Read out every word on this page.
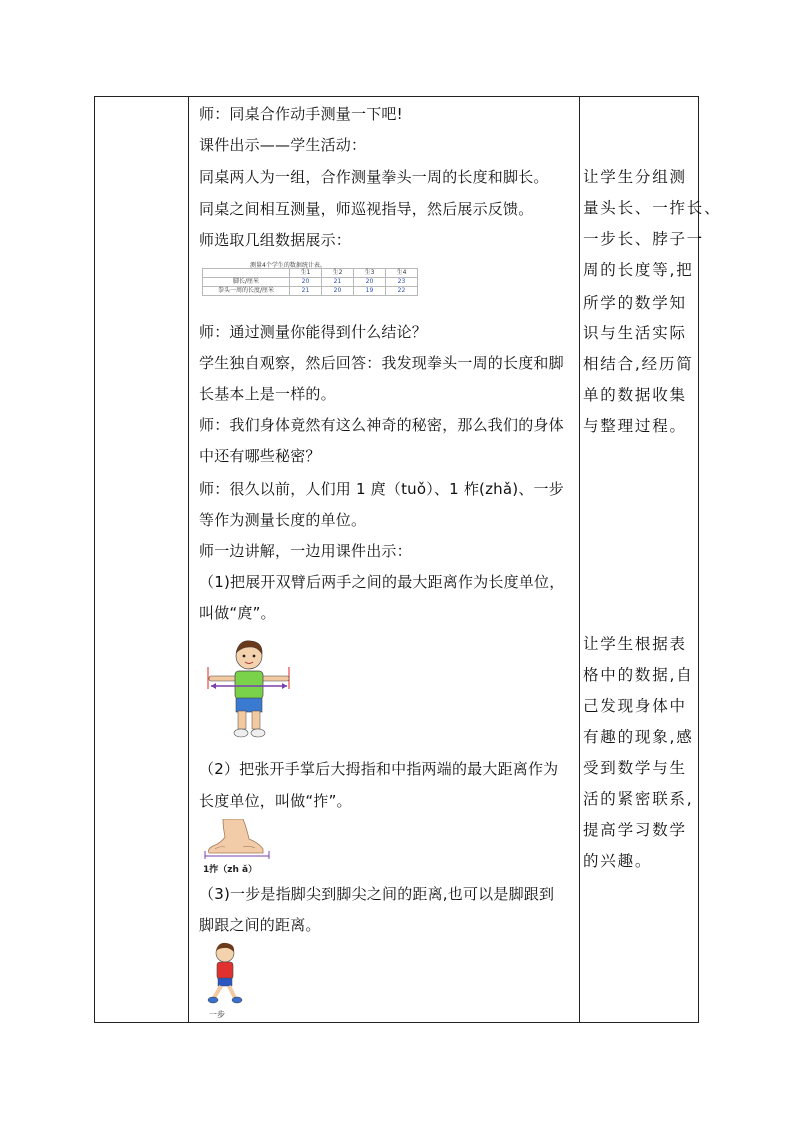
师：同桌合作动手测量一下吧!
课件出示——学生活动：
同桌两人为一组，合作测量拳头一周的长度和脚长。
同桌之间相互测量，师巡视指导，然后展示反馈。
师选取几组数据展示：
测量4个学生的数据统计表。
	生1	生2	生3	生4
脚长/厘米	20	21	20	23
拳头一周的长度/厘米	21	20	19	22
师：通过测量你能得到什么结论？
学生独自观察，然后回答：我发现拳头一周的长度和脚
长基本上是一样的。
师：我们身体竟然有这么神奇的秘密，那么我们的身体
中还有哪些秘密？
师：很久以前，人们用 1 庹（tuǒ）、1 柞(zhǎ)、一步
等作为测量长度的单位。
师一边讲解，一边用课件出示：
（1)把展开双臂后两手之间的最大距离作为长度单位，
叫做“庹”。
（2）把张开手掌后大拇指和中指两端的最大距离作为
长度单位，叫做“拃”。
1拃（zh ǎ）
（3)一步是指脚尖到脚尖之间的距离,也可以是脚跟到
脚跟之间的距离。
一步
让学生分组测
量头长、一拃长、
一步长、脖子一
周的长度等,把
所学的数学知
识与生活实际
相结合,经历简
单的数据收集
与整理过程。
让学生根据表
格中的数据,自
己发现身体中
有趣的现象,感
受到数学与生
活的紧密联系,
提高学习数学
的兴趣。
